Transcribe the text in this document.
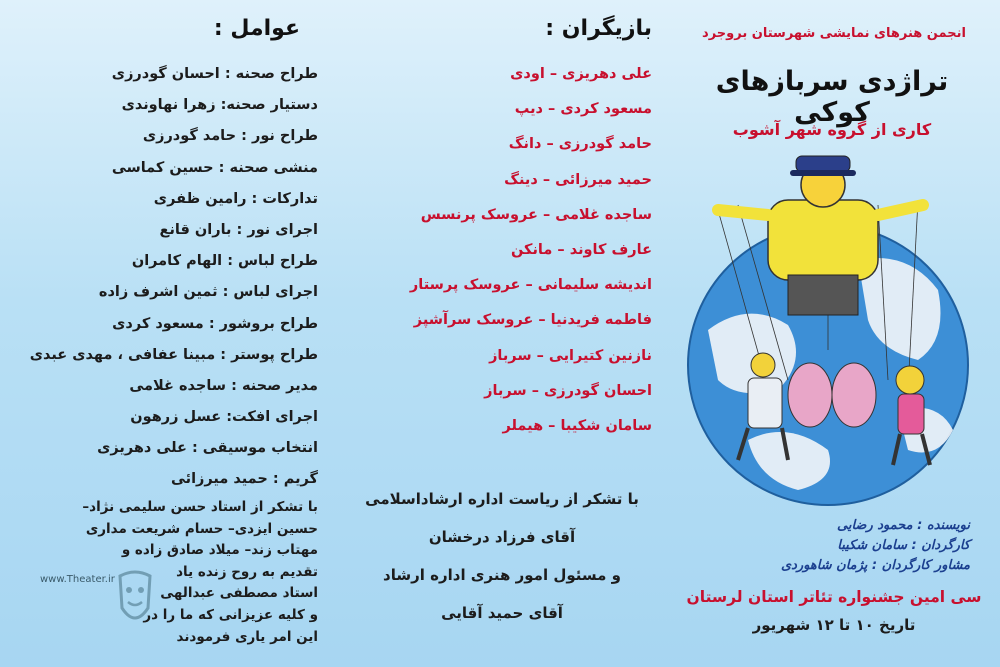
عوامل :
طراح صحنه : احسان گودرزی
دستیار صحنه: زهرا نهاوندی
طراح نور : حامد گودرزی
منشی صحنه : حسین کماسی
تدارکات : رامین ظفری
اجرای نور : باران قانع
طراح لباس : الهام کامران
اجرای لباس : ثمین اشرف زاده
طراح بروشور : مسعود کردی
طراح پوستر : مبینا عفافی ، مهدی عبدی
مدیر صحنه : ساجده غلامی
اجرای افکت: عسل زرهون
انتخاب موسیقی : علی دهریزی
گریم : حمید میرزائی
با تشکر از استاد حسن سلیمی نژاد–
حسین ایزدی– حسام شریعت مداری
مهتاب زند– میلاد صادق زاده و
تقدیم به روح زنده یاد
استاد مصطفی عبدالهی
و کلیه عزیزانی که ما را در
این امر یاری فرمودند
www.Theater.ir
بازیگران :
علی دهریزی – اودی
مسعود کردی – دیپ
حامد گودرزی – دانگ
حمید میرزائی – دینگ
ساجده غلامی – عروسک پرنسس
عارف کاوند – مانکن
اندیشه سلیمانی – عروسک پرستار
فاطمه فریدنیا – عروسک سرآشپز
نازنین کتیرایی – سرباز
احسان گودرزی – سرباز
سامان شکیبا – هیملر
با تشکر از ریاست اداره ارشاداسلامی
آقای فرزاد درخشان
و مسئول امور هنری اداره ارشاد
آقای حمید آقایی
انجمن هنرهای نمایشی شهرستان بروجرد
تراژدی سربازهای کوکی
کاری از گروه شهر آشوب
نویسنده : محمود رضایی
کارگردان : سامان شکیبا
مشاور کارگردان : پژمان شاهوردی
سی امین جشنواره تئاتر استان لرستان
تاریخ ۱۰ تا ۱۲ شهریور
